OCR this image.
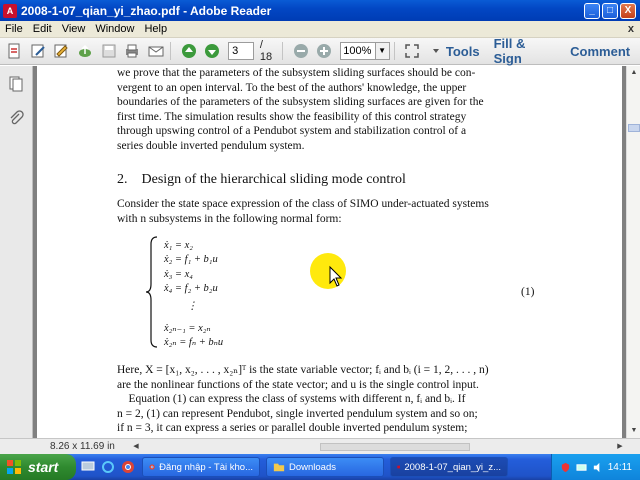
A 2008-1-07_qian_yi_zhao.pdf - Adobe Reader	_	□	X
File Edit View Window Help	x
3	/ 18	100% ▼	Tools Fill & Sign	Comment
we prove that the parameters of the subsystem sliding surfaces should be con-
vergent to an open interval. To the best of the authors' knowledge, the upper
boundaries of the parameters of the subsystem sliding surfaces are given for the
first time. The simulation results show the feasibility of this control strategy
through upswing control of a Pendubot system and stabilization control of a
series double inverted pendulum system.
2. Design of the hierarchical sliding mode control
Consider the state space expression of the class of SIMO under-actuated systems
with n subsystems in the following normal form:
ẋ₁ = x₂
ẋ₂ = f₁ + b₁u
ẋ₃ = x₄
ẋ₄ = f₂ + b₂u
⋮
ẋ₂ₙ₋₁ = x₂ₙ
ẋ₂ₙ = fₙ + bₙu
(1)
Here, X = [x₁, x₂, . . . , x₂ₙ]ᵀ is the state variable vector; fᵢ and bᵢ (i = 1, 2, . . . , n)
are the nonlinear functions of the state vector; and u is the single control input.
Equation (1) can express the class of systems with different n, fᵢ and bᵢ. If
n = 2, (1) can represent Pendubot, single inverted pendulum system and so on;
if n = 3, it can express a series or parallel double inverted pendulum system;
▲
▼
8.26 x 11.69 in	◀	▶
start	Đăng nhập - Tài kho...	Downloads	2008-1-07_qian_yi_z...	14:11
